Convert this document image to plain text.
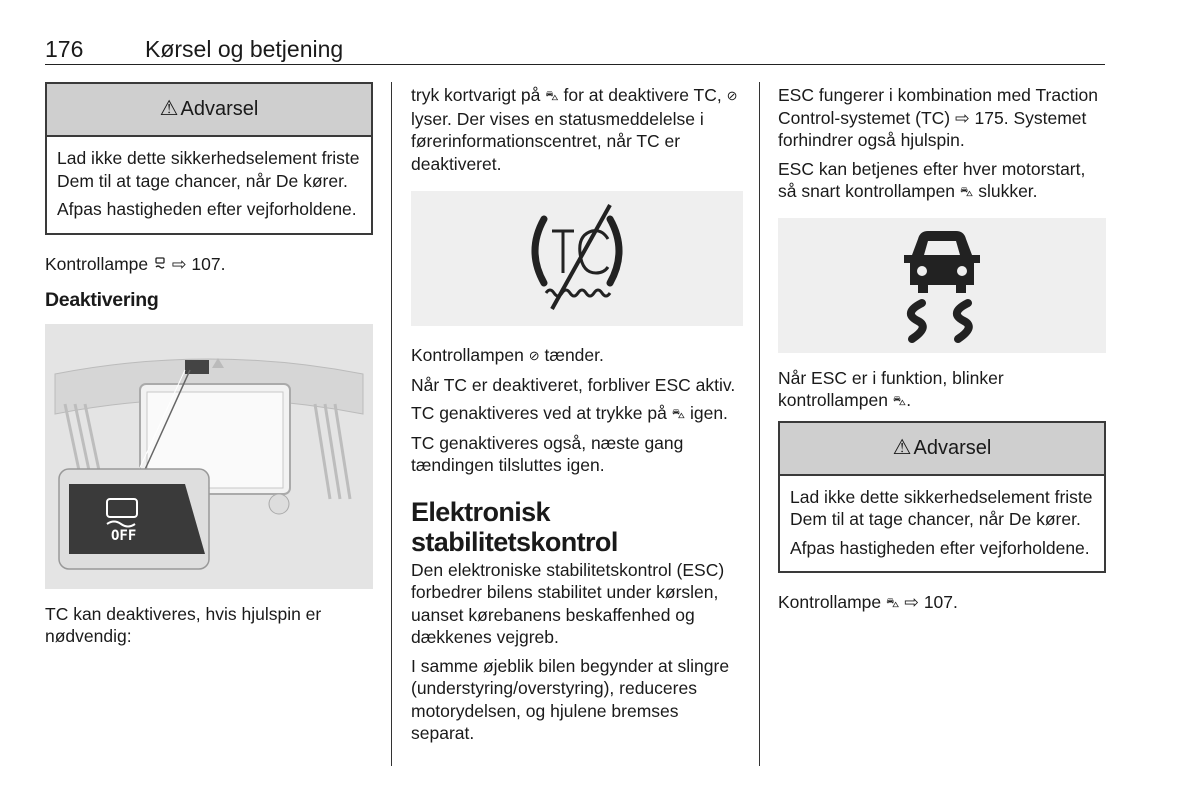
176	Kørsel og betjening
⚠ Advarsel

Lad ikke dette sikkerhedselement friste Dem til at tage chancer, når De kører.

Afpas hastigheden efter vejforholdene.

Kontrollampe ⇨ 107.

Deaktivering
OFF

TC kan deaktiveres, hvis hjulspin er nødvendig:

tryk kortvarigt på ⛍ for at deaktivere TC, ⊘ lyser. Der vises en statusmeddelelse i førerinformationscentret, når TC er deaktiveret.

Kontrollampen ⊘ tænder.

Når TC er deaktiveret, forbliver ESC aktiv.

TC genaktiveres ved at trykke på ⛍ igen.

TC genaktiveres også, næste gang tændingen tilsluttes igen.

Elektronisk stabilitetskontrol

Den elektroniske stabilitetskontrol (ESC) forbedrer bilens stabilitet under kørslen, uanset kørebanens beskaffenhed og dækkenes vejgreb.

I samme øjeblik bilen begynder at slingre (understyring/overstyring), reduceres motorydelsen, og hjulene bremses separat.

ESC fungerer i kombination med Traction Control-systemet (TC) ⇨ 175. Systemet forhindrer også hjulspin.

ESC kan betjenes efter hver motorstart, så snart kontrollampen ⛍ slukker.

Når ESC er i funktion, blinker kontrollampen ⛍.

⚠ Advarsel

Lad ikke dette sikkerhedselement friste Dem til at tage chancer, når De kører.

Afpas hastigheden efter vejforholdene.

Kontrollampe ⛍ ⇨ 107.
